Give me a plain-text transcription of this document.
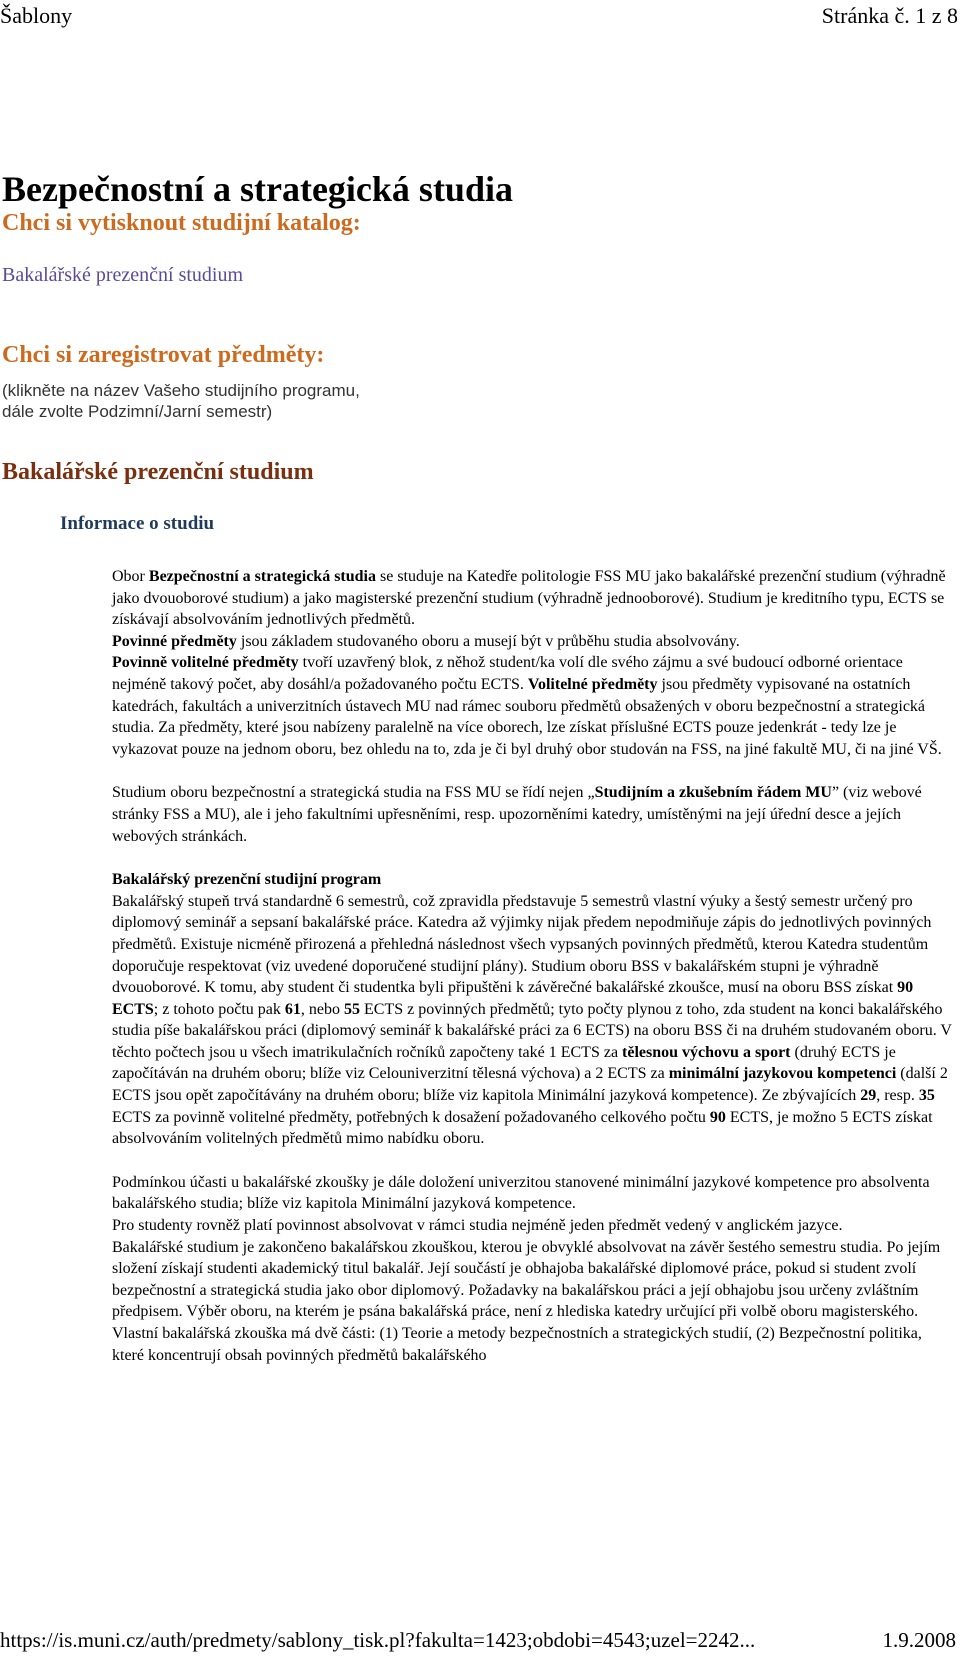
Šablony	Stránka č. 1 z 8
Bezpečnostní a strategická studia
Chci si vytisknout studijní katalog:
Bakalářské prezenční studium
Chci si zaregistrovat předměty:
(klikněte na název Vašeho studijního programu,
dále zvolte Podzimní/Jarní semestr)
Bakalářské prezenční studium
Informace o studiu

Obor Bezpečnostní a strategická studia se studuje na Katedře politologie FSS MU jako bakalářské prezenční studium (výhradně jako dvouoborové studium) a jako magisterské prezenční studium (výhradně jednooborové). Studium je kreditního typu, ECTS se získávají absolvováním jednotlivých předmětů.
Povinné předměty jsou základem studovaného oboru a musejí být v průběhu studia absolvovány.
Povinně volitelné předměty tvoří uzavřený blok, z něhož student/ka volí dle svého zájmu a své budoucí odborné orientace nejméně takový počet, aby dosáhl/a požadovaného počtu ECTS. Volitelné předměty jsou předměty vypisované na ostatních katedrách, fakultách a univerzitních ústavech MU nad rámec souboru předmětů obsažených v oboru bezpečnostní a strategická studia. Za předměty, které jsou nabízeny paralelně na více oborech, lze získat příslušné ECTS pouze jedenkrát - tedy lze je vykazovat pouze na jednom oboru, bez ohledu na to, zda je či byl druhý obor studován na FSS, na jiné fakultě MU, či na jiné VŠ.

Studium oboru bezpečnostní a strategická studia na FSS MU se řídí nejen „Studijním a zkušebním řádem MU” (viz webové stránky FSS a MU), ale i jeho fakultními upřesněními, resp. upozorněními katedry, umístěnými na její úřední desce a jejích webových stránkách.

Bakalářský prezenční studijní program
Bakalářský stupeň trvá standardně 6 semestrů, což zpravidla představuje 5 semestrů vlastní výuky a šestý semestr určený pro diplomový seminář a sepsaní bakalářské práce. Katedra až výjimky nijak předem nepodmiňuje zápis do jednotlivých povinných předmětů. Existuje nicméně přirozená a přehledná následnost všech vypsaných povinných předmětů, kterou Katedra studentům doporučuje respektovat (viz uvedené doporučené studijní plány). Studium oboru BSS v bakalářském stupni je výhradně dvouoborové. K tomu, aby student či studentka byli připuštěni k závěrečné bakalářské zkoušce, musí na oboru BSS získat 90 ECTS; z tohoto počtu pak 61, nebo 55 ECTS z povinných předmětů; tyto počty plynou z toho, zda student na konci bakalářského studia píše bakalářskou práci (diplomový seminář k bakalářské práci za 6 ECTS) na oboru BSS či na druhém studovaném oboru. V těchto počtech jsou u všech imatrikulačních ročníků započteny také 1 ECTS za tělesnou výchovu a sport (druhý ECTS je započítáván na druhém oboru; blíže viz Celouniverzitní tělesná výchova) a 2 ECTS za minimální jazykovou kompetenci (další 2 ECTS jsou opět započítávány na druhém oboru; blíže viz kapitola Minimální jazyková kompetence). Ze zbývajících 29, resp. 35 ECTS za povinně volitelné předměty, potřebných k dosažení požadovaného celkového počtu 90 ECTS, je možno 5 ECTS získat absolvováním volitelných předmětů mimo nabídku oboru.

Podmínkou účasti u bakalářské zkoušky je dále doložení univerzitou stanovené minimální jazykové kompetence pro absolventa bakalářského studia; blíže viz kapitola Minimální jazyková kompetence.
Pro studenty rovněž platí povinnost absolvovat v rámci studia nejméně jeden předmět vedený v anglickém jazyce.
Bakalářské studium je zakončeno bakalářskou zkouškou, kterou je obvyklé absolvovat na závěr šestého semestru studia. Po jejím složení získají studenti akademický titul bakalář. Její součástí je obhajoba bakalářské diplomové práce, pokud si student zvolí bezpečnostní a strategická studia jako obor diplomový. Požadavky na bakalářskou práci a její obhajobu jsou určeny zvláštním předpisem. Výběr oboru, na kterém je psána bakalářská práce, není z hlediska katedry určující při volbě oboru magisterského. Vlastní bakalářská zkouška má dvě části: (1) Teorie a metody bezpečnostních a strategických studií, (2) Bezpečnostní politika, které koncentrují obsah povinných předmětů bakalářského

https://is.muni.cz/auth/predmety/sablony_tisk.pl?fakulta=1423;obdobi=4543;uzel=2242...	1.9.2008
